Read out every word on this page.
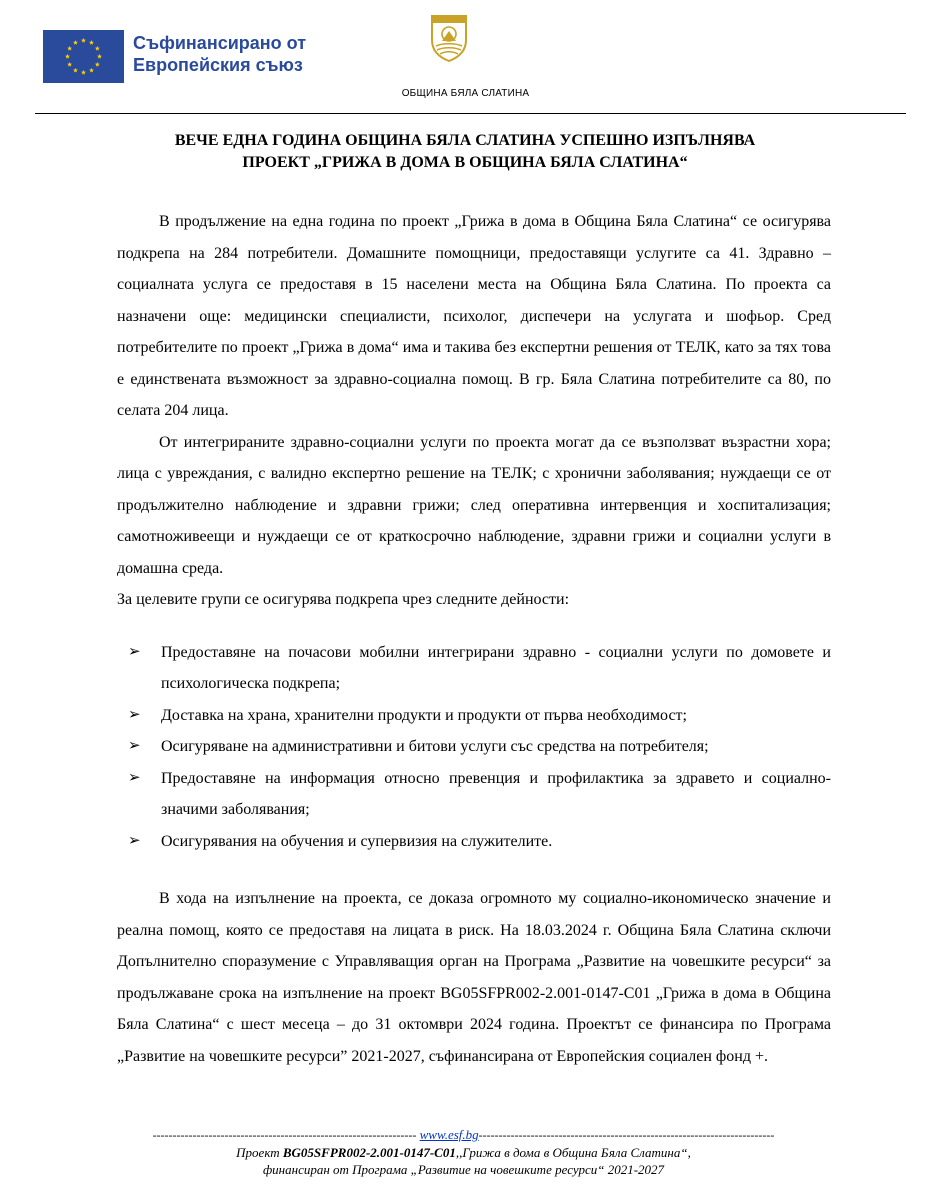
Съфинансирано от
Европейския съюз
ОБЩИНА БЯЛА СЛАТИНА
ВЕЧЕ ЕДНА ГОДИНА ОБЩИНА БЯЛА СЛАТИНА УСПЕШНО ИЗПЪЛНЯВА
ПРОЕКТ „ГРИЖА В ДОМА В ОБЩИНА БЯЛА СЛАТИНА“

В продължение на една година по проект „Грижа в дома в Община Бяла Слатина“ се осигурява подкрепа на 284 потребители. Домашните помощници, предоставящи услугите са 41. Здравно – социалната услуга се предоставя в 15 населени места на Община Бяла Слатина. По проекта са назначени още: медицински специалисти, психолог, диспечери на услугата и шофьор. Сред потребителите по проект „Грижа в дома“ има и такива без експертни решения от ТЕЛК, като за тях това е единствената възможност за здравно-социална помощ. В гр. Бяла Слатина потребителите са 80, по селата 204 лица.

От интегрираните здравно-социални услуги по проекта могат да се възползват възрастни хора; лица с увреждания, с валидно експертно решение на ТЕЛК; с хронични заболявания; нуждаещи се от продължително наблюдение и здравни грижи; след оперативна интервенция и хоспитализация; самотноживеещи и нуждаещи се от краткосрочно наблюдение, здравни грижи и социални услуги в домашна среда.

За целевите групи се осигурява подкрепа чрез следните дейности:

➢ Предоставяне на почасови мобилни интегрирани здравно - социални услуги по домовете и психологическа подкрепа;
➢ Доставка на храна, хранителни продукти и продукти от първа необходимост;
➢ Осигуряване на административни и битови услуги със средства на потребителя;
➢ Предоставяне на информация относно превенция и профилактика за здравето и социално-значими заболявания;
➢ Осигурявания на обучения и супервизия на служителите.

В хода на изпълнение на проекта, се доказа огромното му социално-икономическо значение и реална помощ, която се предоставя на лицата в риск. На 18.03.2024 г. Община Бяла Слатина сключи Допълнително споразумение с Управляващия орган на Програма „Развитие на човешките ресурси“ за продължаване срока на изпълнение на проект BG05SFPR002-2.001-0147-C01 „Грижа в дома в Община Бяла Слатина“ с шест месеца – до 31 октомври 2024 година. Проектът се финансира по Програма „Развитие на човешките ресурси” 2021-2027, съфинансирана от Европейския социален фонд +.

------------------------------------------------------------------ www.esf.bg--------------------------------------------------------------------------
Проект BG05SFPR002-2.001-0147-C01,,Грижа в дома в Община Бяла Слатина“,
финансиран от Програма „Развитие на човешките ресурси“ 2021-2027
